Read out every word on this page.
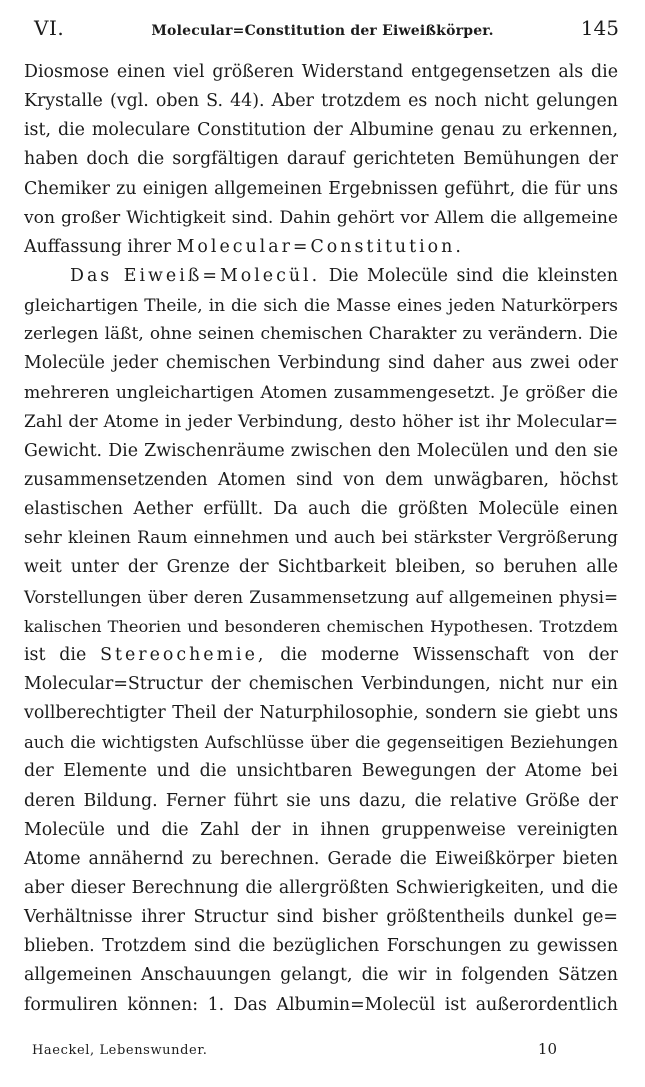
VI.	Molecular=Constitution der Eiweißkörper.	145
Diosmose einen viel größeren Widerstand entgegensetzen als die
Krystalle (vgl. oben S. 44). Aber trotzdem es noch nicht gelungen
ist, die moleculare Constitution der Albumine genau zu erkennen,
haben doch die sorgfältigen darauf gerichteten Bemühungen der
Chemiker zu einigen allgemeinen Ergebnissen geführt, die für uns
von großer Wichtigkeit sind. Dahin gehört vor Allem die allgemeine
Auffassung ihrer Molecular=Constitution.
Das Eiweiß=Molecül. Die Molecüle sind die kleinsten
gleichartigen Theile, in die sich die Masse eines jeden Naturkörpers
zerlegen läßt, ohne seinen chemischen Charakter zu verändern. Die
Molecüle jeder chemischen Verbindung sind daher aus zwei oder
mehreren ungleichartigen Atomen zusammengesetzt. Je größer die
Zahl der Atome in jeder Verbindung, desto höher ist ihr Molecular=
Gewicht. Die Zwischenräume zwischen den Molecülen und den sie
zusammensetzenden Atomen sind von dem unwägbaren, höchst
elastischen Aether erfüllt. Da auch die größten Molecüle einen
sehr kleinen Raum einnehmen und auch bei stärkster Vergrößerung
weit unter der Grenze der Sichtbarkeit bleiben, so beruhen alle
Vorstellungen über deren Zusammensetzung auf allgemeinen physi=
kalischen Theorien und besonderen chemischen Hypothesen. Trotzdem
ist die Stereochemie, die moderne Wissenschaft von der
Molecular=Structur der chemischen Verbindungen, nicht nur ein
vollberechtigter Theil der Naturphilosophie, sondern sie giebt uns
auch die wichtigsten Aufschlüsse über die gegenseitigen Beziehungen
der Elemente und die unsichtbaren Bewegungen der Atome bei
deren Bildung. Ferner führt sie uns dazu, die relative Größe der
Molecüle und die Zahl der in ihnen gruppenweise vereinigten
Atome annähernd zu berechnen. Gerade die Eiweißkörper bieten
aber dieser Berechnung die allergrößten Schwierigkeiten, und die
Verhältnisse ihrer Structur sind bisher größtentheils dunkel ge=
blieben. Trotzdem sind die bezüglichen Forschungen zu gewissen
allgemeinen Anschauungen gelangt, die wir in folgenden Sätzen
formuliren können: 1. Das Albumin=Molecül ist außerordentlich
Haeckel, Lebenswunder.	10
